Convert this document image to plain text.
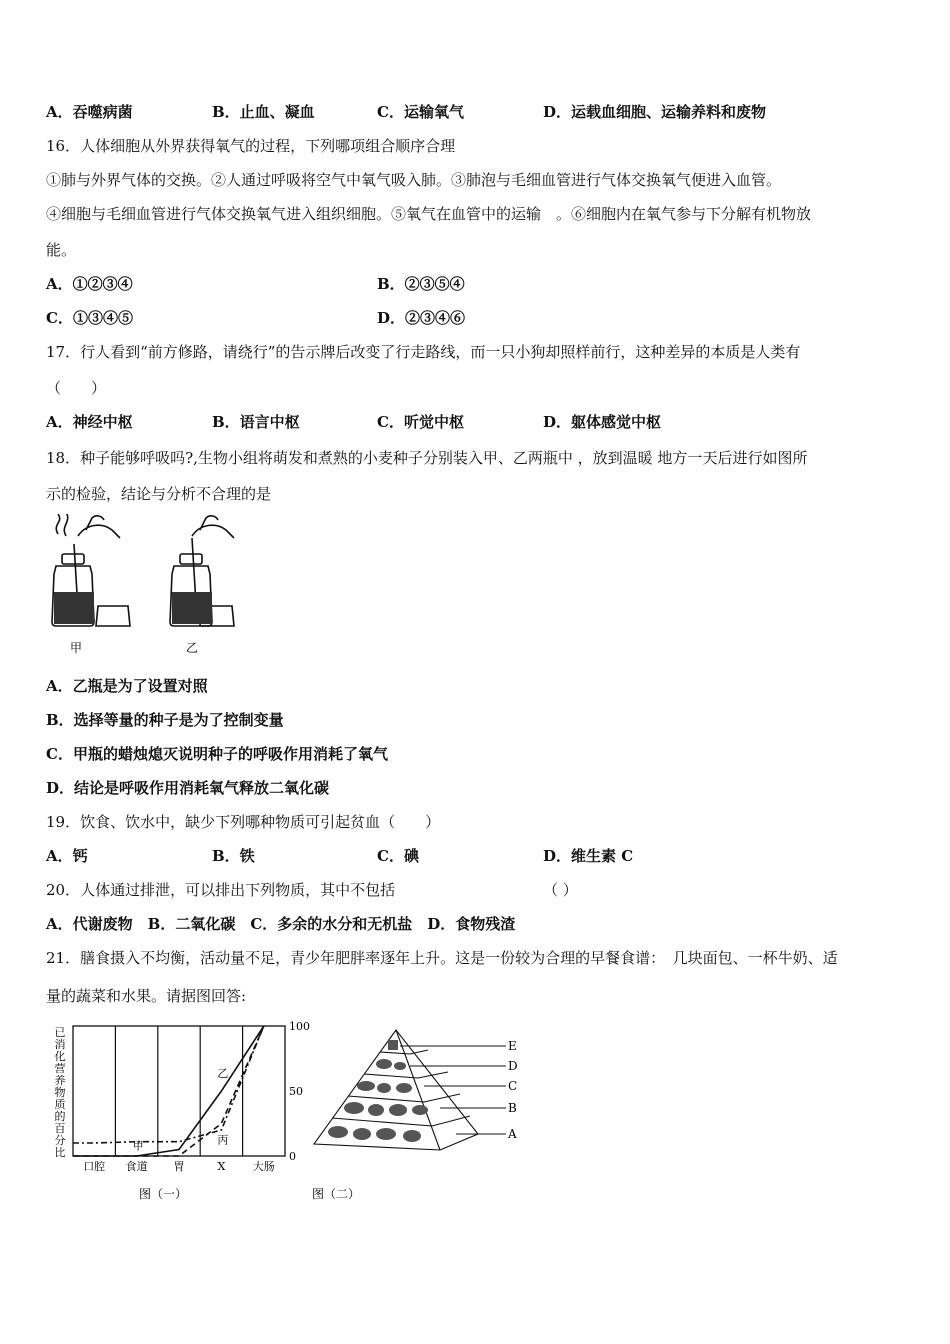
A．吞噬病菌	B．止血、凝血	C．运输氧气	D．运载血细胞、运输养料和废物
16．人体细胞从外界获得氧气的过程，下列哪项组合顺序合理
①肺与外界气体的交换。②人通过呼吸将空气中氧气吸入肺。③肺泡与毛细血管进行气体交换氧气便进入血管。
④细胞与毛细血管进行气体交换氧气进入组织细胞。⑤氧气在血管中的运输　。⑥细胞内在氧气参与下分解有机物放
能。
A．①②③④	B．②③⑤④
C．①③④⑤	D．②③④⑥
17．行人看到“前方修路，请绕行”的告示牌后改变了行走路线，而一只小狗却照样前行，这种差异的本质是人类有
（　　）
A．神经中枢	B．语言中枢	C．听觉中枢	D．躯体感觉中枢
18．种子能够呼吸吗?,生物小组将萌发和煮熟的小麦种子分别装入甲、乙两瓶中 ，放到温暖 地方一天后进行如图所
示的检验，结论与分析不合理的是
甲	乙
A．乙瓶是为了设置对照
B．选择等量的种子是为了控制变量
C．甲瓶的蜡烛熄灭说明种子的呼吸作用消耗了氧气
D．结论是呼吸作用消耗氧气释放二氧化碳
19．饮食、饮水中，缺少下列哪种物质可引起贫血（　　）
A．钙	B．铁	C．碘	D．维生素 C
20．人体通过排泄，可以排出下列物质，其中不包括	（ ）
A．代谢废物　B．二氧化碳　C．多余的水分和无机盐　D．食物残渣
21．膳食摄入不均衡，活动量不足，青少年肥胖率逐年上升。这是一份较为合理的早餐食谱：　几块面包、一杯牛奶、适
量的蔬菜和水果。请据图回答:
已
消
化
营
养
物
质
的
百
分
比
100
50
0
口腔 食道 胃	X 大肠
甲
乙
丙
图（一）
E
D
C
B
A
图（二）
